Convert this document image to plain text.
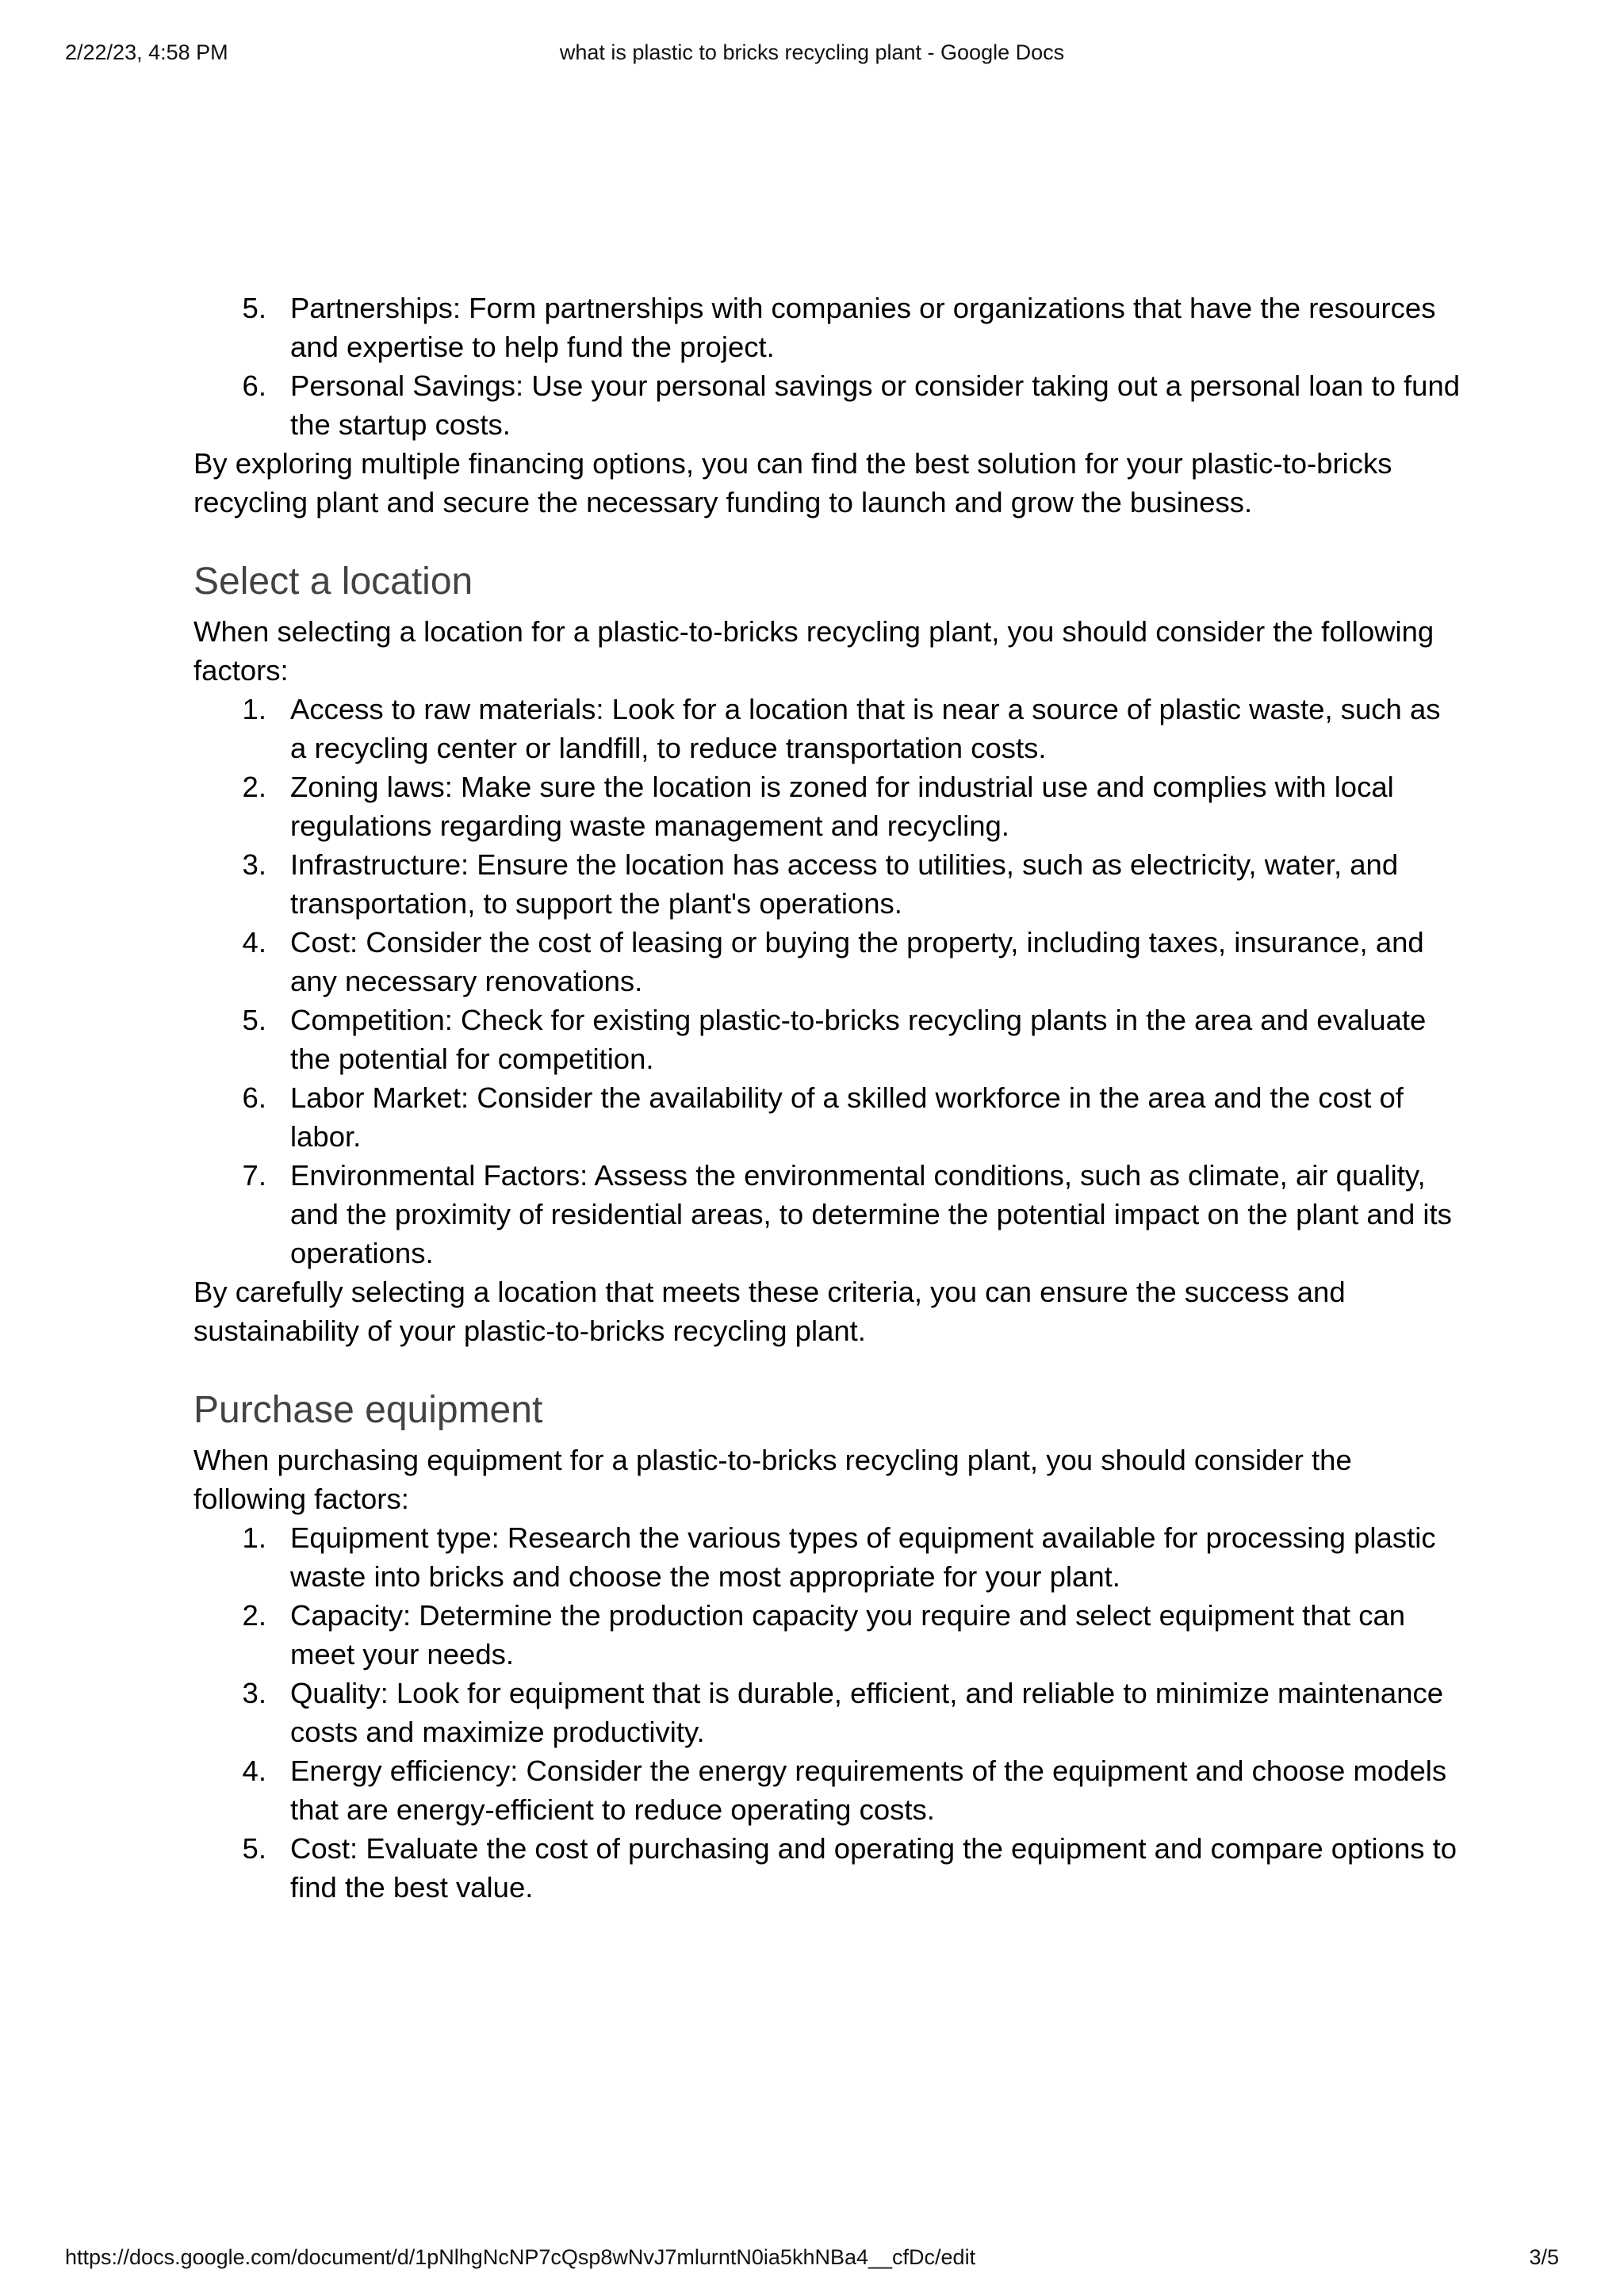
2/22/23, 4:58 PM	what is plastic to bricks recycling plant - Google Docs
5. Partnerships: Form partnerships with companies or organizations that have the resources and expertise to help fund the project.
6. Personal Savings: Use your personal savings or consider taking out a personal loan to fund the startup costs.

By exploring multiple financing options, you can find the best solution for your plastic-to-bricks recycling plant and secure the necessary funding to launch and grow the business.

Select a location

When selecting a location for a plastic-to-bricks recycling plant, you should consider the following factors:

1. Access to raw materials: Look for a location that is near a source of plastic waste, such as a recycling center or landfill, to reduce transportation costs.
2. Zoning laws: Make sure the location is zoned for industrial use and complies with local regulations regarding waste management and recycling.
3. Infrastructure: Ensure the location has access to utilities, such as electricity, water, and transportation, to support the plant's operations.
4. Cost: Consider the cost of leasing or buying the property, including taxes, insurance, and any necessary renovations.
5. Competition: Check for existing plastic-to-bricks recycling plants in the area and evaluate the potential for competition.
6. Labor Market: Consider the availability of a skilled workforce in the area and the cost of labor.
7. Environmental Factors: Assess the environmental conditions, such as climate, air quality, and the proximity of residential areas, to determine the potential impact on the plant and its operations.

By carefully selecting a location that meets these criteria, you can ensure the success and sustainability of your plastic-to-bricks recycling plant.

Purchase equipment

When purchasing equipment for a plastic-to-bricks recycling plant, you should consider the following factors:

1. Equipment type: Research the various types of equipment available for processing plastic waste into bricks and choose the most appropriate for your plant.
2. Capacity: Determine the production capacity you require and select equipment that can meet your needs.
3. Quality: Look for equipment that is durable, efficient, and reliable to minimize maintenance costs and maximize productivity.
4. Energy efficiency: Consider the energy requirements of the equipment and choose models that are energy-efficient to reduce operating costs.
5. Cost: Evaluate the cost of purchasing and operating the equipment and compare options to find the best value.
https://docs.google.com/document/d/1pNlhgNcNP7cQsp8wNvJ7mlurntN0ia5khNBa4__cfDc/edit	3/5
